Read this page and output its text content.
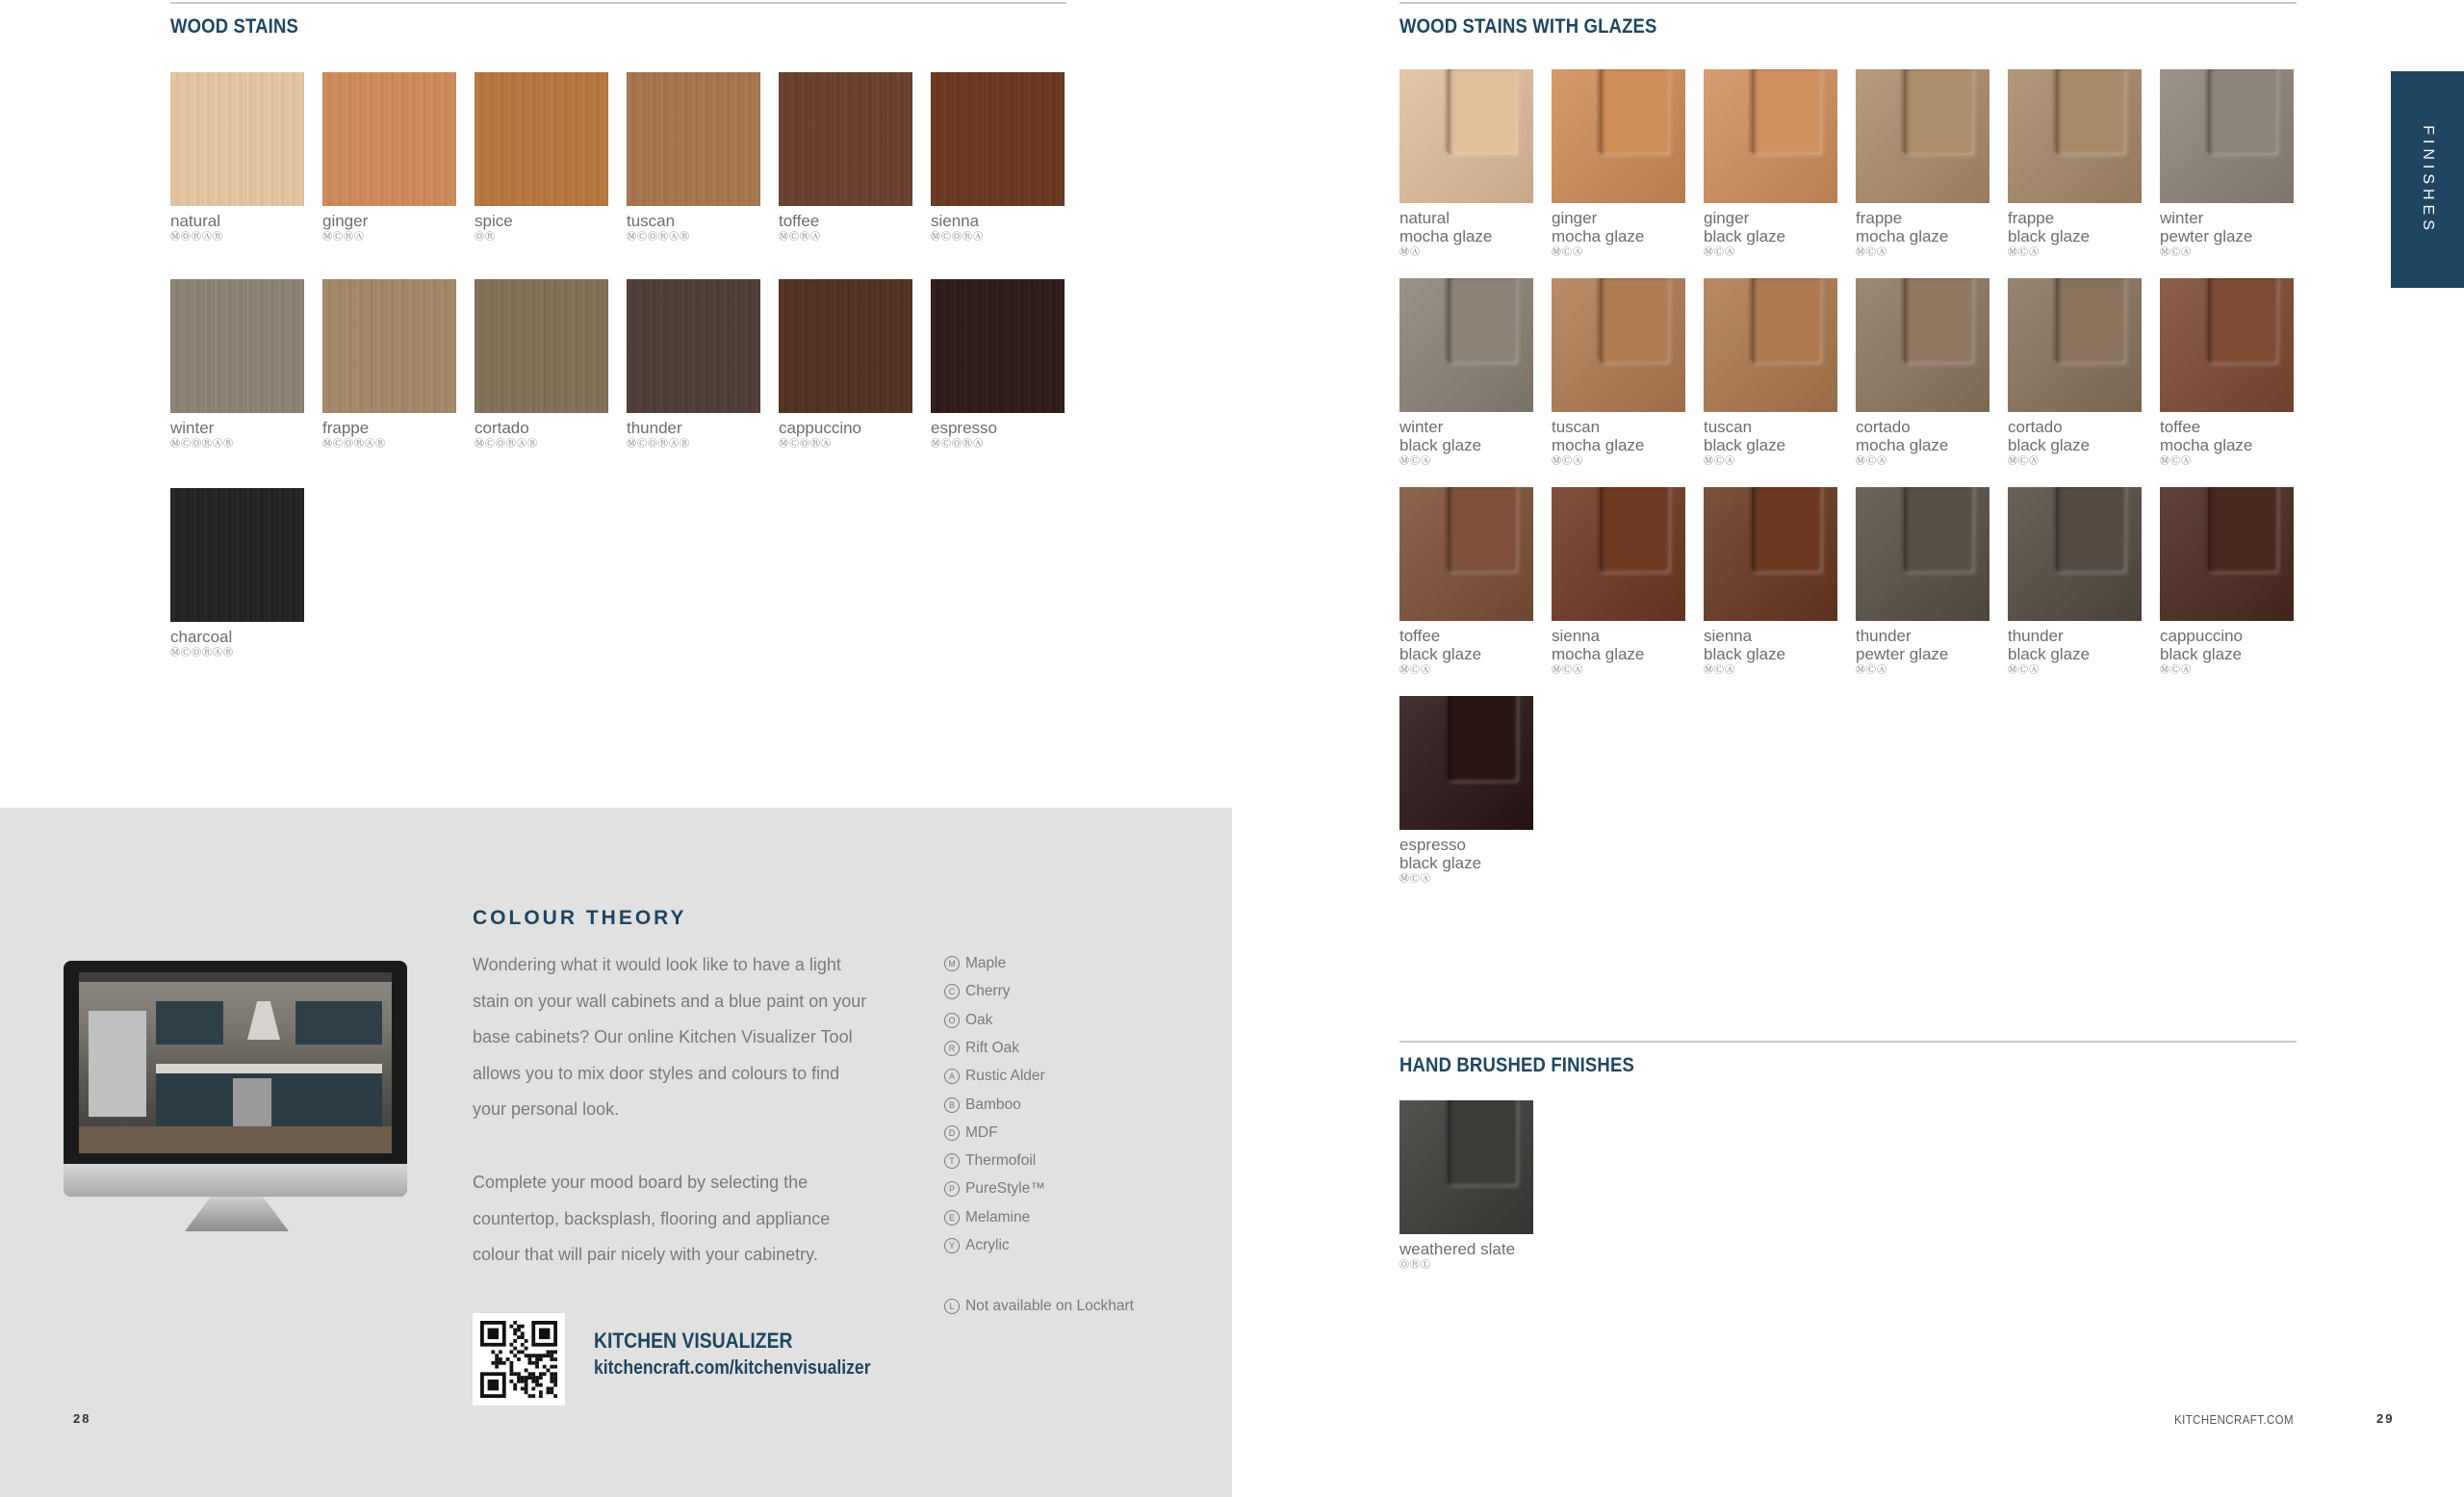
WOOD STAINS
natural
ⓂⓄⓇⒶⒷ
ginger
ⓂⒸⓇⒶ
spice
ⓄⓇ
tuscan
ⓂⒸⓄⓇⒶⒷ
toffee
ⓂⒸⓇⒶ
sienna
ⓂⒸⓄⓇⒶ
winter
ⓂⒸⓄⓇⒶⒷ
frappe
ⓂⒸⓄⓇⒶⒷ
cortado
ⓂⒸⓄⓇⒶⒷ
thunder
ⓂⒸⓄⓇⒶⒷ
cappuccino
ⓂⒸⓄⓇⒶ
espresso
ⓂⒸⓄⓇⒶ
charcoal
ⓂⒸⓄⓇⒶⒷ
COLOUR THEORY
Wondering what it would look like to have a light stain on your wall cabinets and a blue paint on your base cabinets? Our online Kitchen Visualizer Tool allows you to mix door styles and colours to find your personal look.
Complete your mood board by selecting the countertop, backsplash, flooring and appliance colour that will pair nicely with your cabinetry.
M Maple
C Cherry
O Oak
R Rift Oak
A Rustic Alder
B Bamboo
D MDF
T Thermofoil
P PureStyle™
E Melamine
Y Acrylic
L Not available on Lockhart
KITCHEN VISUALIZER
kitchencraft.com/kitchenvisualizer
28
WOOD STAINS WITH GLAZES
natural
mocha glaze
ⓂⒶ
ginger
mocha glaze
ⓂⒸⒶ
ginger
black glaze
ⓂⒸⒶ
frappe
mocha glaze
ⓂⒸⒶ
frappe
black glaze
ⓂⒸⒶ
winter
pewter glaze
ⓂⒸⒶ
winter
black glaze
ⓂⒸⒶ
tuscan
mocha glaze
ⓂⒸⒶ
tuscan
black glaze
ⓂⒸⒶ
cortado
mocha glaze
ⓂⒸⒶ
cortado
black glaze
ⓂⒸⒶ
toffee
mocha glaze
ⓂⒸⒶ
toffee
black glaze
ⓂⒸⒶ
sienna
mocha glaze
ⓂⒸⒶ
sienna
black glaze
ⓂⒸⒶ
thunder
pewter glaze
ⓂⒸⒶ
thunder
black glaze
ⓂⒸⒶ
cappuccino
black glaze
ⓂⒸⒶ
espresso
black glaze
ⓂⒸⒶ
HAND BRUSHED FINISHES
weathered slate
ⓄⓇⓁ
FINISHES
KITCHENCRAFT.COM	29
